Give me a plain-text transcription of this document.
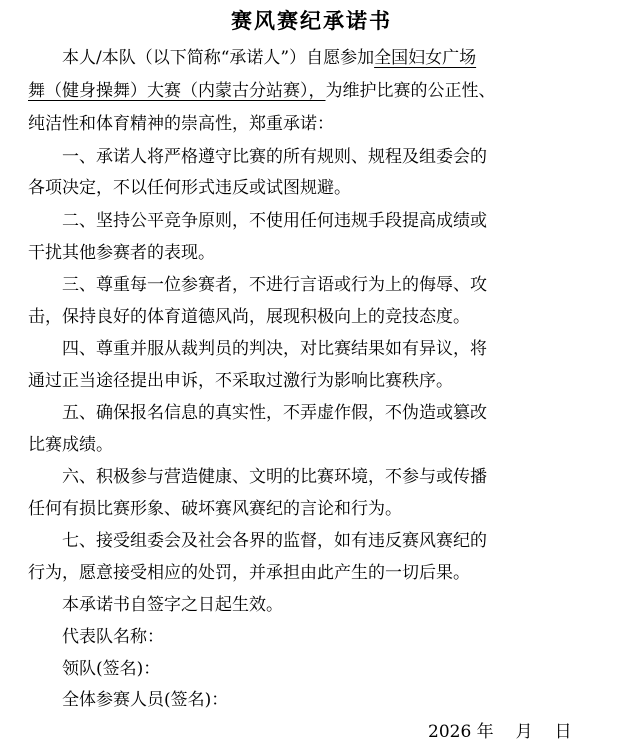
赛风赛纪承诺书
本人/本队（以下简称“承诺人”）自愿参加全国妇女广场
舞（健身操舞）大赛（内蒙古分站赛），为维护比赛的公正性、
纯洁性和体育精神的崇高性，郑重承诺：
一、承诺人将严格遵守比赛的所有规则、规程及组委会的
各项决定，不以任何形式违反或试图规避。
二、坚持公平竞争原则，不使用任何违规手段提高成绩或
干扰其他参赛者的表现。
三、尊重每一位参赛者，不进行言语或行为上的侮辱、攻
击，保持良好的体育道德风尚，展现积极向上的竞技态度。
四、尊重并服从裁判员的判决，对比赛结果如有异议，将
通过正当途径提出申诉，不采取过激行为影响比赛秩序。
五、确保报名信息的真实性，不弄虚作假，不伪造或篡改
比赛成绩。
六、积极参与营造健康、文明的比赛环境，不参与或传播
任何有损比赛形象、破坏赛风赛纪的言论和行为。
七、接受组委会及社会各界的监督，如有违反赛风赛纪的
行为，愿意接受相应的处罚，并承担由此产生的一切后果。
本承诺书自签字之日起生效。
代表队名称：
领队(签名)：
全体参赛人员(签名)：
2026 年 月 日
